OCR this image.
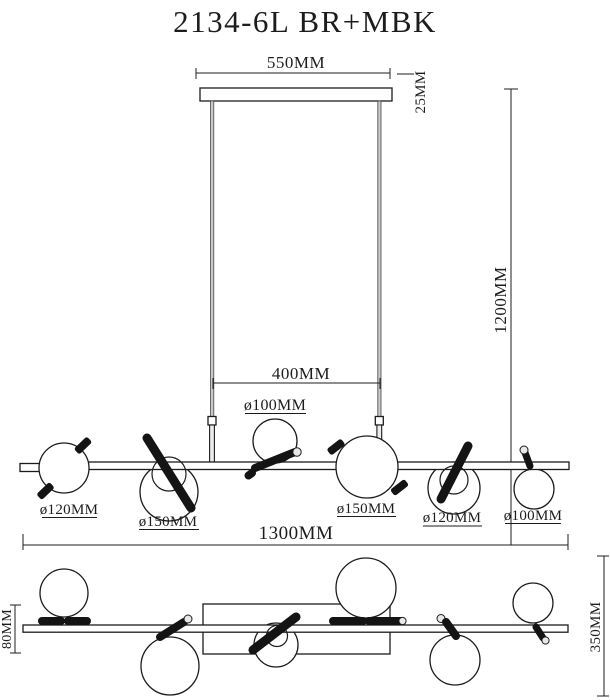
2134-6L BR+MBK
550MM
25MM
1200MM
400MM
ø120MM
ø150MM
ø100MM
ø150MM
ø120MM ø100MM
1300MM
80MM	350MM
